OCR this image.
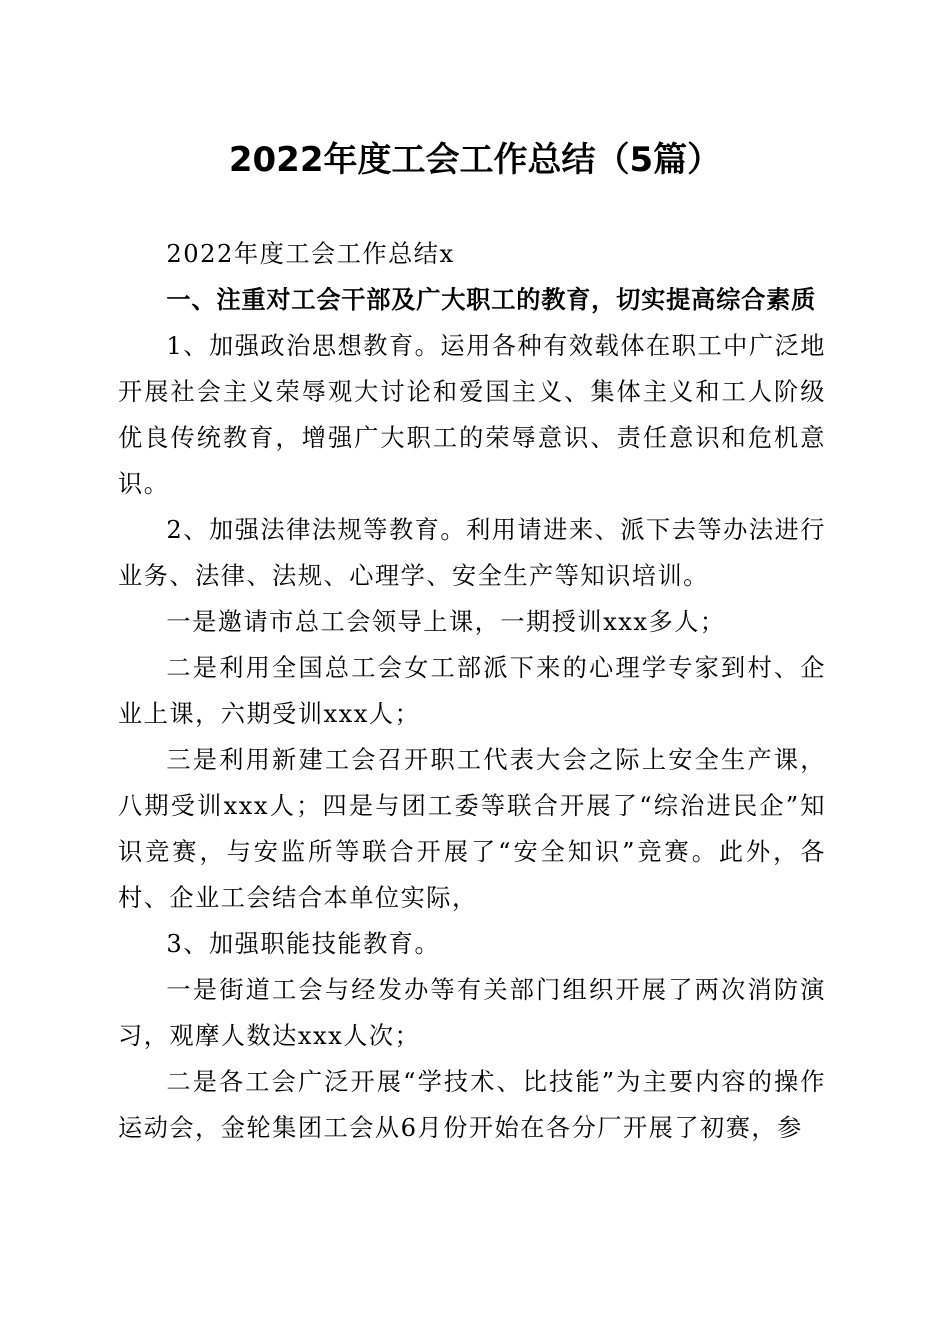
2022年度工会工作总结（5篇）

2022年度工会工作总结x

一、注重对工会干部及广大职工的教育，切实提高综合素质

1、加强政治思想教育。运用各种有效载体在职工中广泛地开展社会主义荣辱观大讨论和爱国主义、集体主义和工人阶级优良传统教育，增强广大职工的荣辱意识、责任意识和危机意识。

2、加强法律法规等教育。利用请进来、派下去等办法进行业务、法律、法规、心理学、安全生产等知识培训。

一是邀请市总工会领导上课，一期授训xxx多人；

二是利用全国总工会女工部派下来的心理学专家到村、企业上课，六期受训xxx人；

三是利用新建工会召开职工代表大会之际上安全生产课，八期受训xxx人；四是与团工委等联合开展了“综治进民企”知识竞赛，与安监所等联合开展了“安全知识”竞赛。此外，各村、企业工会结合本单位实际，

3、加强职能技能教育。

一是街道工会与经发办等有关部门组织开展了两次消防演习，观摩人数达xxx人次；

二是各工会广泛开展“学技术、比技能”为主要内容的操作运动会，金轮集团工会从6月份开始在各分厂开展了初赛，参
